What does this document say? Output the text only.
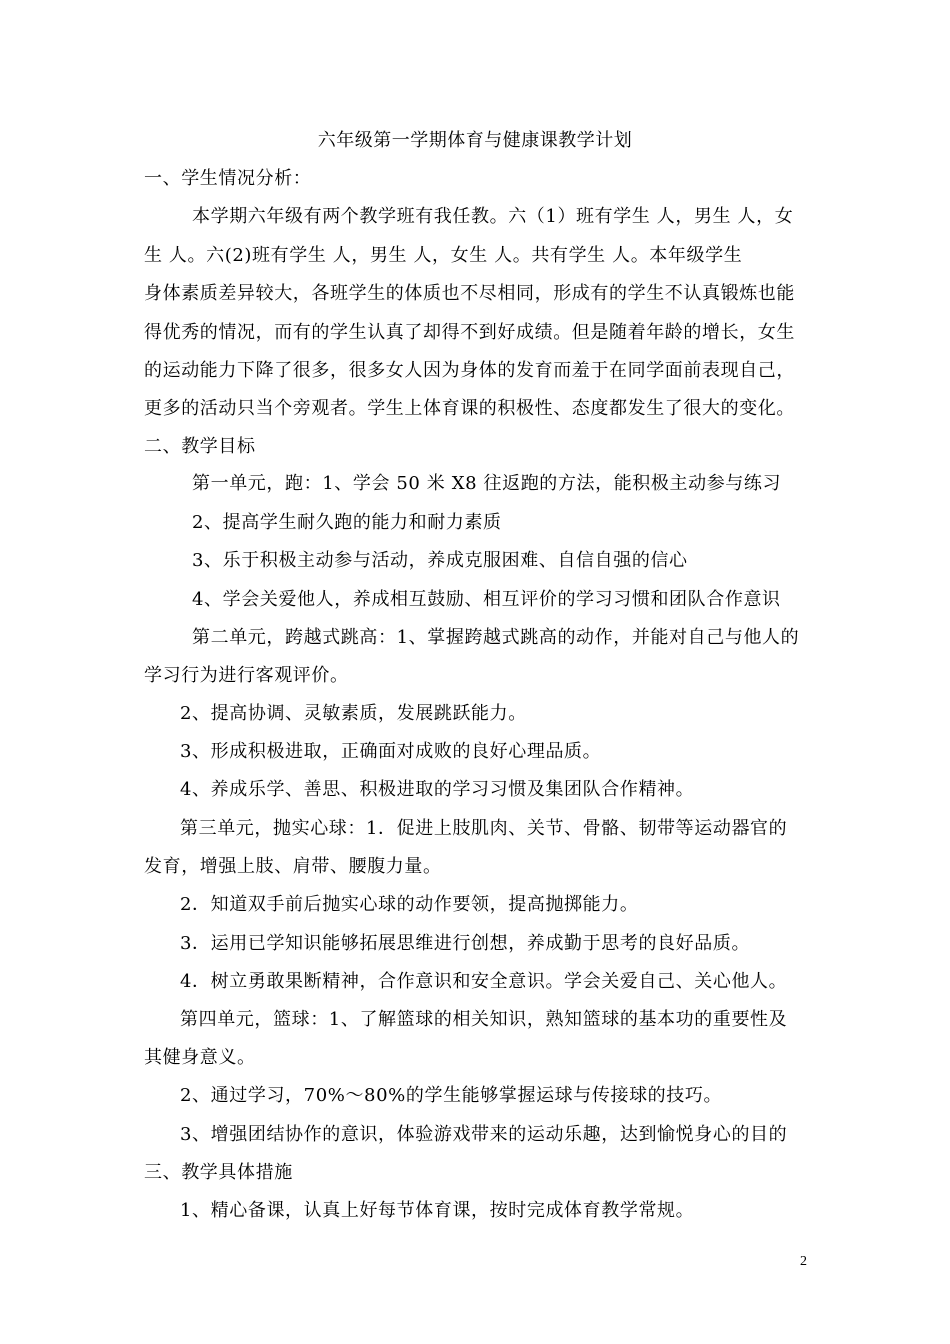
六年级第一学期体育与健康课教学计划
一、学生情况分析：
本学期六年级有两个教学班有我任教。六（1）班有学生 人，男生 人，女
生 人。六(2)班有学生 人，男生 人，女生 人。共有学生 人。本年级学生
身体素质差异较大，各班学生的体质也不尽相同，形成有的学生不认真锻炼也能
得优秀的情况，而有的学生认真了却得不到好成绩。但是随着年龄的增长，女生
的运动能力下降了很多，很多女人因为身体的发育而羞于在同学面前表现自己，
更多的活动只当个旁观者。学生上体育课的积极性、态度都发生了很大的变化。
二、教学目标
第一单元，跑：1、学会 50 米 X8 往返跑的方法，能积极主动参与练习
2、提高学生耐久跑的能力和耐力素质
3、乐于积极主动参与活动，养成克服困难、自信自强的信心
4、学会关爱他人，养成相互鼓励、相互评价的学习习惯和团队合作意识
第二单元，跨越式跳高：1、掌握跨越式跳高的动作，并能对自己与他人的
学习行为进行客观评价。
2、提高协调、灵敏素质，发展跳跃能力。
3、形成积极进取，正确面对成败的良好心理品质。
4、养成乐学、善思、积极进取的学习习惯及集团队合作精神。
第三单元，抛实心球：1．促进上肢肌肉、关节、骨骼、韧带等运动器官的
发育，增强上肢、肩带、腰腹力量。
2．知道双手前后抛实心球的动作要领，提高抛掷能力。
3．运用已学知识能够拓展思维进行创想，养成勤于思考的良好品质。
4．树立勇敢果断精神，合作意识和安全意识。学会关爱自己、关心他人。
第四单元，篮球：1、了解篮球的相关知识，熟知篮球的基本功的重要性及
其健身意义。
2、通过学习，70%～80%的学生能够掌握运球与传接球的技巧。
3、增强团结协作的意识，体验游戏带来的运动乐趣，达到愉悦身心的目的
三、教学具体措施
1、精心备课，认真上好每节体育课，按时完成体育教学常规。
2
